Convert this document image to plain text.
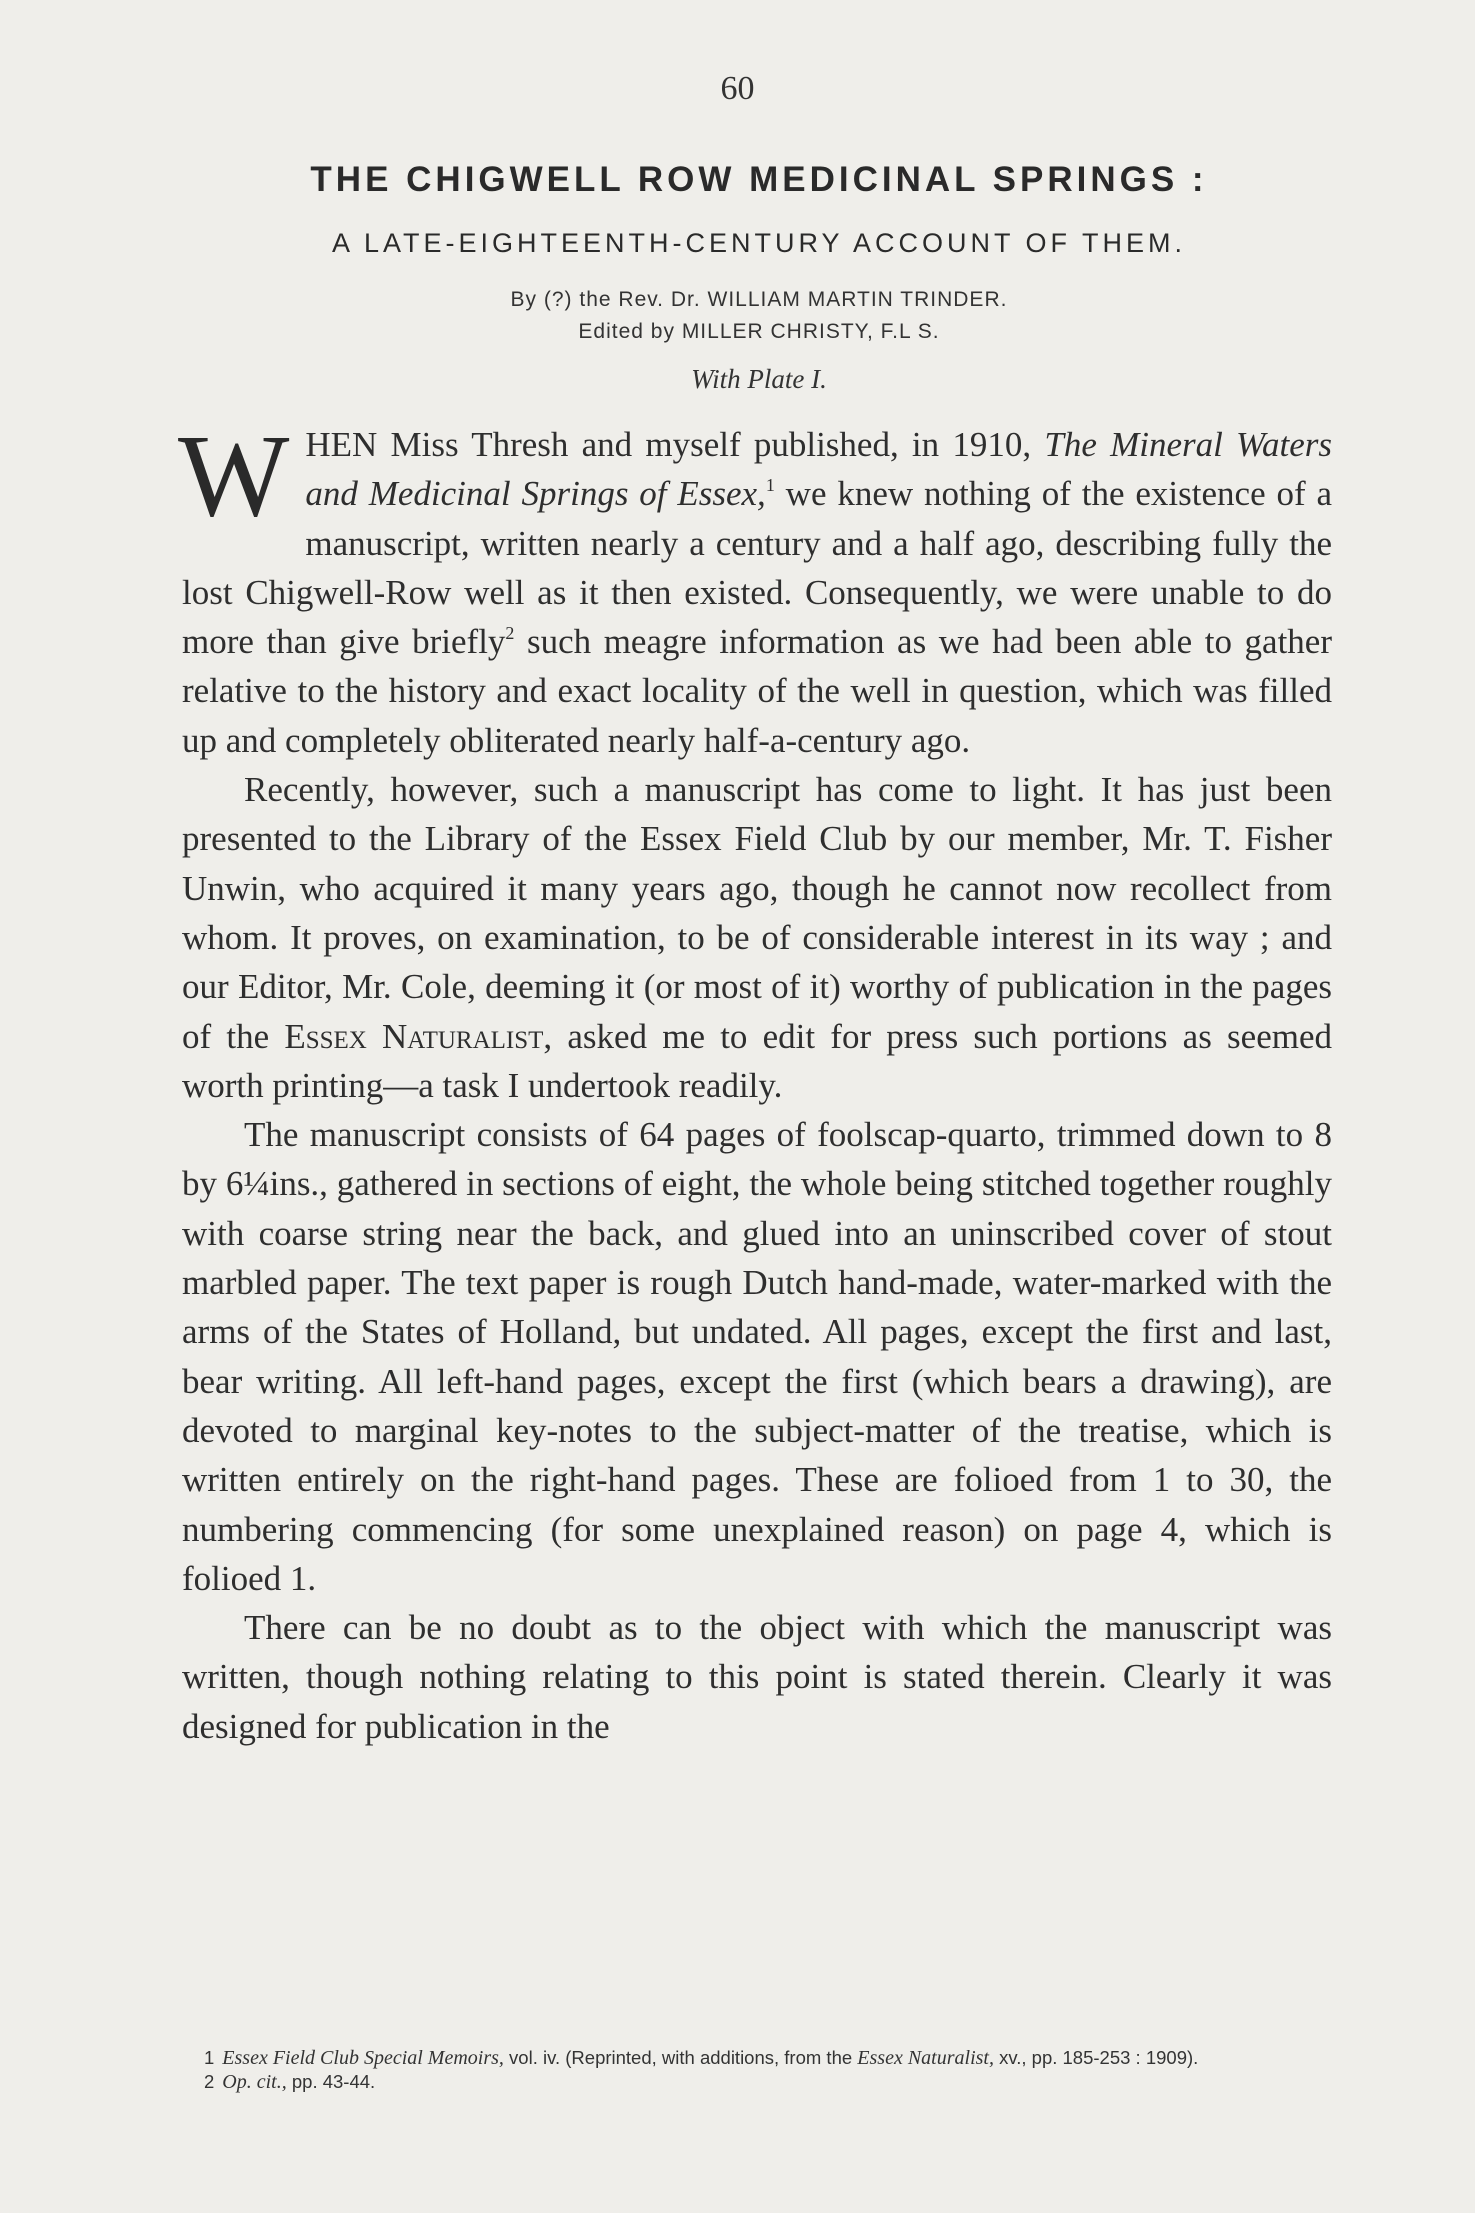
60
THE CHIGWELL ROW MEDICINAL SPRINGS :
A LATE-EIGHTEENTH-CENTURY ACCOUNT OF THEM.
By (?) the Rev. Dr. WILLIAM MARTIN TRINDER.
Edited by MILLER CHRISTY, F.L S.
With Plate I.

WHEN Miss Thresh and myself published, in 1910, The Mineral Waters and Medicinal Springs of Essex,$^1$ we knew nothing of the existence of a manuscript, written nearly a century and a half ago, describing fully the lost Chigwell-Row well as it then existed. Consequently, we were unable to do more than give briefly$^2$ such meagre information as we had been able to gather relative to the history and exact locality of the well in question, which was filled up and completely obliterated nearly half-a-century ago.

Recently, however, such a manuscript has come to light. It has just been presented to the Library of the Essex Field Club by our member, Mr. T. Fisher Unwin, who acquired it many years ago, though he cannot now recollect from whom. It proves, on examination, to be of considerable interest in its way ; and our Editor, Mr. Cole, deeming it (or most of it) worthy of publication in the pages of the Essex Naturalist, asked me to edit for press such portions as seemed worth printing—a task I undertook readily.

The manuscript consists of 64 pages of foolscap-quarto, trimmed down to 8 by 6¼ins., gathered in sections of eight, the whole being stitched together roughly with coarse string near the back, and glued into an uninscribed cover of stout marbled paper. The text paper is rough Dutch hand-made, water-marked with the arms of the States of Holland, but undated. All pages, except the first and last, bear writing. All left-hand pages, except the first (which bears a drawing), are devoted to marginal key-notes to the subject-matter of the treatise, which is written entirely on the right-hand pages. These are folioed from 1 to 30, the numbering commencing (for some unexplained reason) on page 4, which is folioed 1.

There can be no doubt as to the object with which the manuscript was written, though nothing relating to this point is stated therein. Clearly it was designed for publication in the

1 Essex Field Club Special Memoirs, vol. iv. (Reprinted, with additions, from the Essex Naturalist, xv., pp. 185-253 : 1909).
2 Op. cit., pp. 43-44.
